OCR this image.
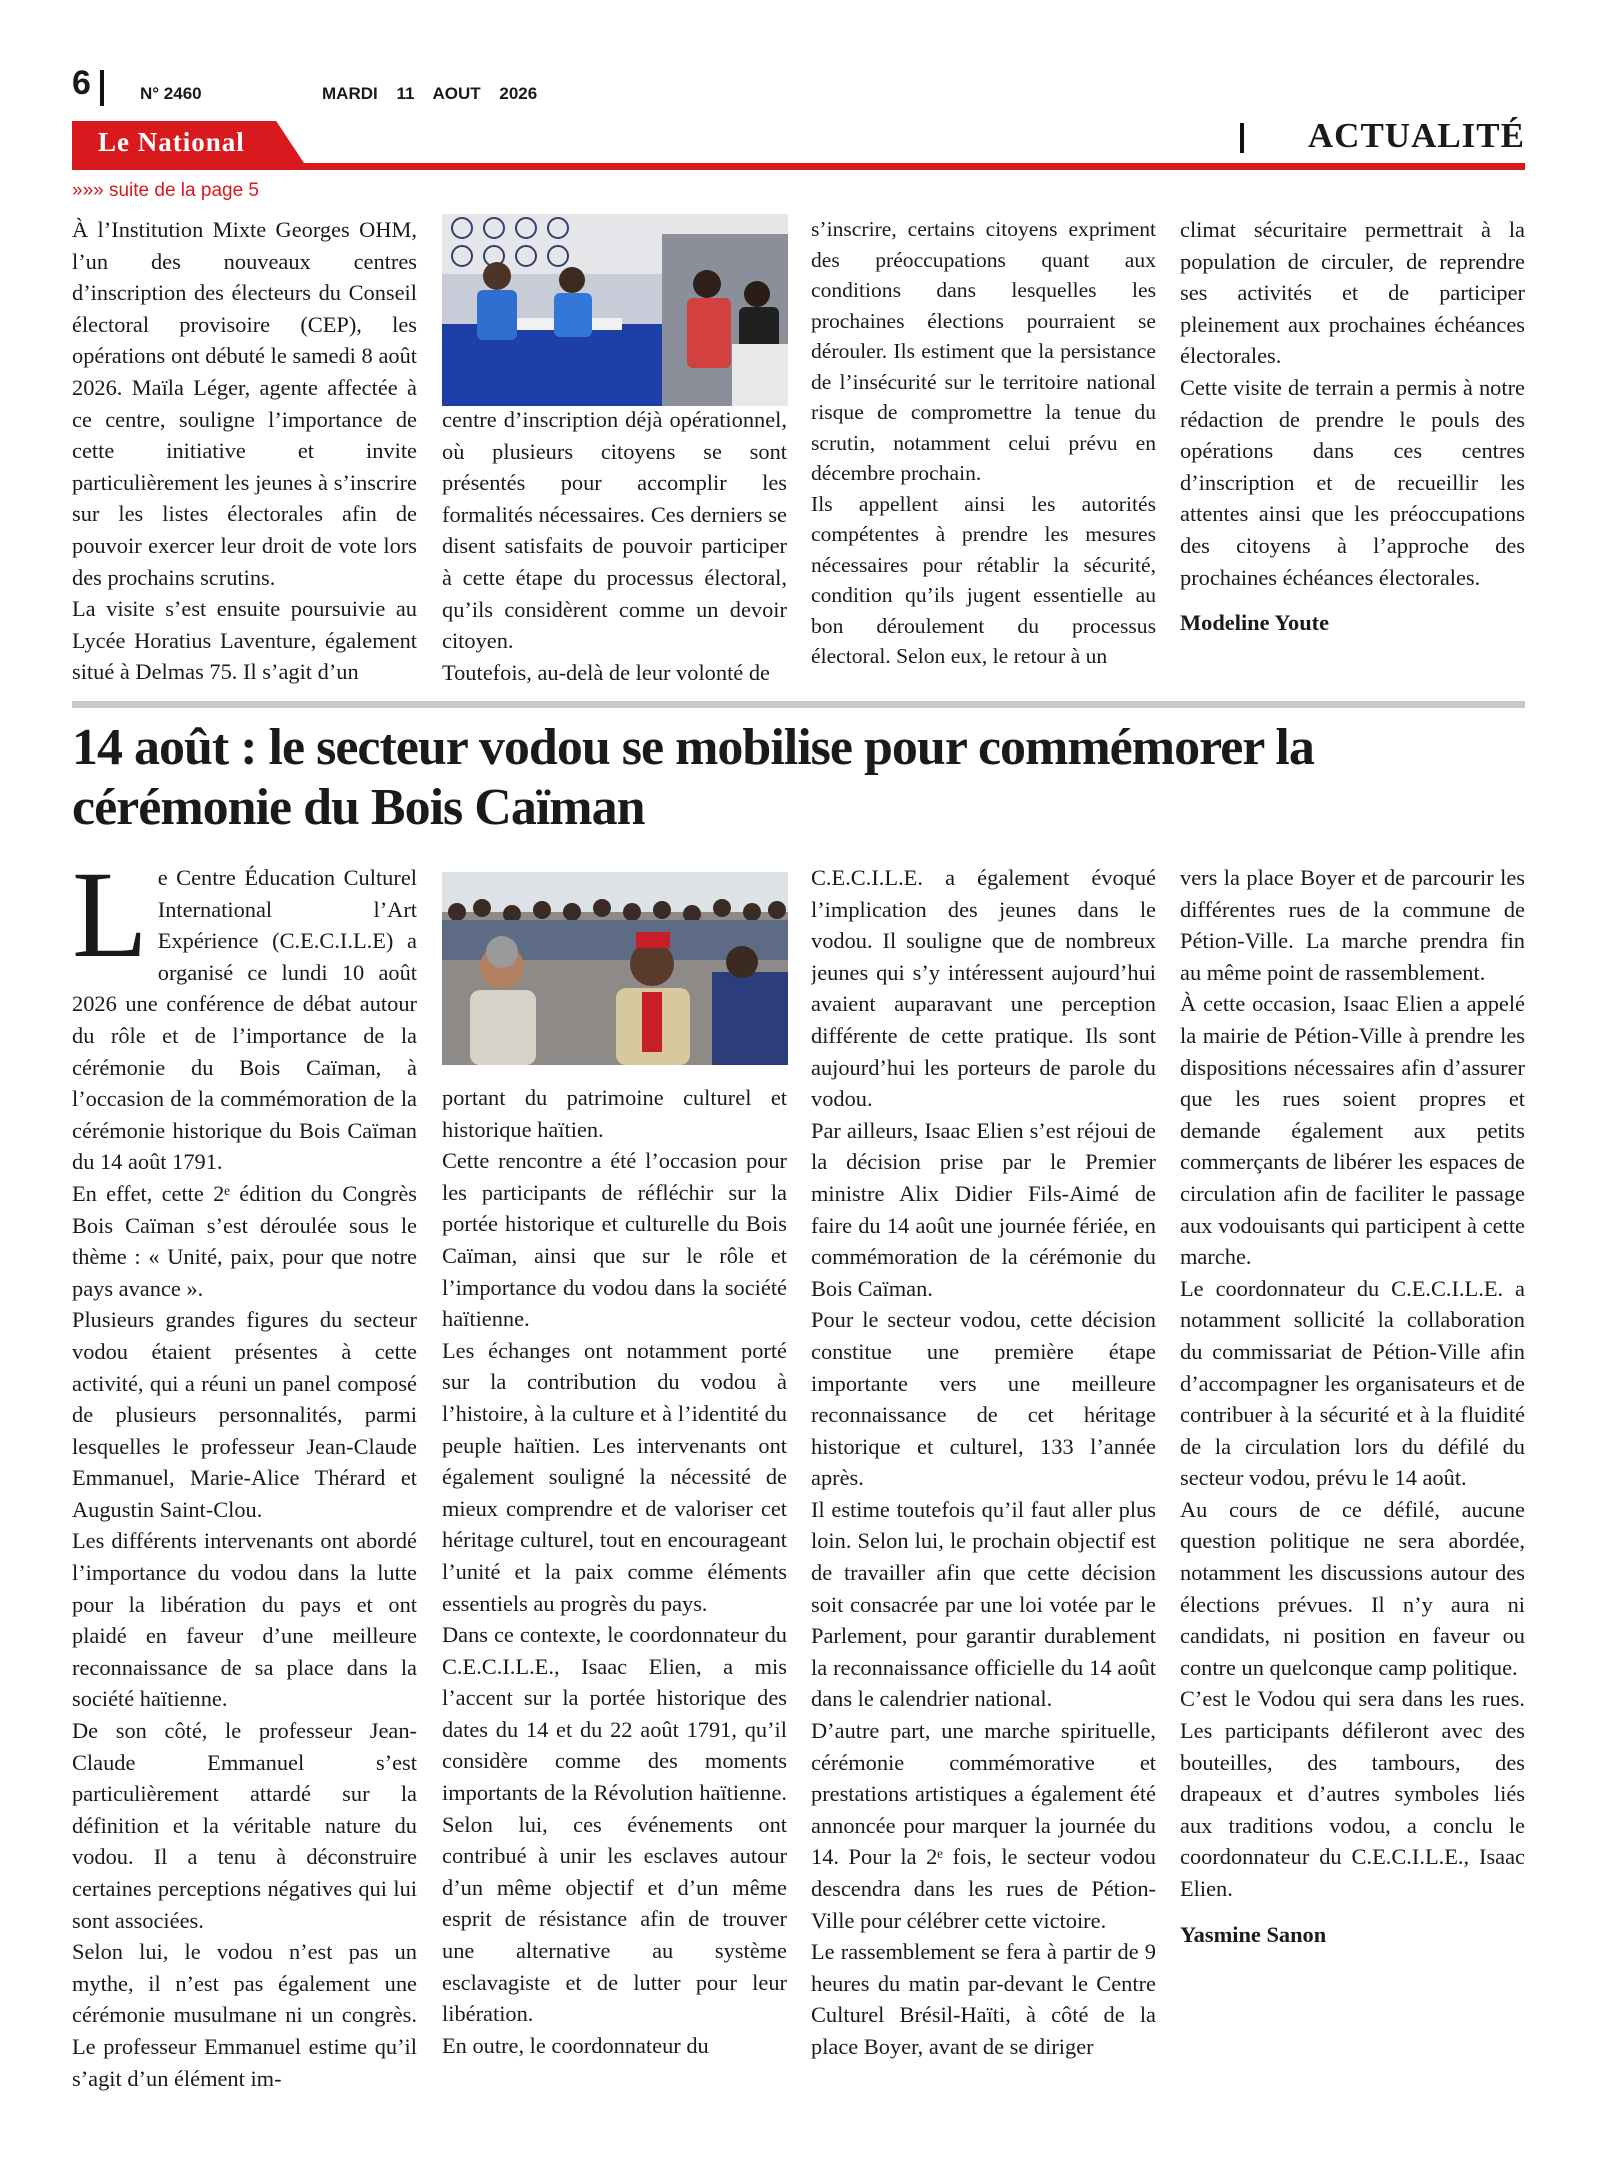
6	N° 2460	MARDI 11 AOUT 2026
Le National	ACTUALITÉ
»»» suite de la page 5

À l’Institution Mixte Georges OHM, l’un des nouveaux centres d’inscription des électeurs du Conseil électoral provisoire (CEP), les opérations ont débuté le samedi 8 août 2026. Maïla Léger, agente affectée à ce centre, souligne l’importance de cette initiative et invite particulièrement les jeunes à s’inscrire sur les listes électorales afin de pouvoir exercer leur droit de vote lors des prochains scrutins.

La visite s’est ensuite poursuivie au Lycée Horatius Laventure, également situé à Delmas 75. Il s’agit d’un

centre d’inscription déjà opérationnel, où plusieurs citoyens se sont présentés pour accomplir les formalités nécessaires. Ces derniers se disent satisfaits de pouvoir participer à cette étape du processus électoral, qu’ils considèrent comme un devoir citoyen.

Toutefois, au-delà de leur volonté de

s’inscrire, certains citoyens expriment des préoccupations quant aux conditions dans lesquelles les prochaines élections pourraient se dérouler. Ils estiment que la persistance de l’insécurité sur le territoire national risque de compromettre la tenue du scrutin, notamment celui prévu en décembre prochain.

Ils appellent ainsi les autorités compétentes à prendre les mesures nécessaires pour rétablir la sécurité, condition qu’ils jugent essentielle au bon déroulement du processus électoral. Selon eux, le retour à un

climat sécuritaire permettrait à la population de circuler, de reprendre ses activités et de participer pleinement aux prochaines échéances électorales.

Cette visite de terrain a permis à notre rédaction de prendre le pouls des opérations dans ces centres d’inscription et de recueillir les attentes ainsi que les préoccupations des citoyens à l’approche des prochaines échéances électorales.

Modeline Youte

14 août : le secteur vodou se mobilise pour commémorer la cérémonie du Bois Caïman

Le Centre Éducation Culturel International l’Art Expérience (C.E.C.I.L.E) a organisé ce lundi 10 août 2026 une conférence de débat autour du rôle et de l’importance de la cérémonie du Bois Caïman, à l’occasion de la commémoration de la cérémonie historique du Bois Caïman du 14 août 1791.

En effet, cette 2ᵉ édition du Congrès Bois Caïman s’est déroulée sous le thème : « Unité, paix, pour que notre pays avance ».

Plusieurs grandes figures du secteur vodou étaient présentes à cette activité, qui a réuni un panel composé de plusieurs personnalités, parmi lesquelles le professeur Jean-Claude Emmanuel, Marie-Alice Thérard et Augustin Saint-Clou.

Les différents intervenants ont abordé l’importance du vodou dans la lutte pour la libération du pays et ont plaidé en faveur d’une meilleure reconnaissance de sa place dans la société haïtienne.

De son côté, le professeur Jean-Claude Emmanuel s’est particulièrement attardé sur la définition et la véritable nature du vodou. Il a tenu à déconstruire certaines perceptions négatives qui lui sont associées.

Selon lui, le vodou n’est pas un mythe, il n’est pas également une cérémonie musulmane ni un congrès. Le professeur Emmanuel estime qu’il s’agit d’un élément im-

portant du patrimoine culturel et historique haïtien.

Cette rencontre a été l’occasion pour les participants de réfléchir sur la portée historique et culturelle du Bois Caïman, ainsi que sur le rôle et l’importance du vodou dans la société haïtienne.

Les échanges ont notamment porté sur la contribution du vodou à l’histoire, à la culture et à l’identité du peuple haïtien. Les intervenants ont également souligné la nécessité de mieux comprendre et de valoriser cet héritage culturel, tout en encourageant l’unité et la paix comme éléments essentiels au progrès du pays.

Dans ce contexte, le coordonnateur du C.E.C.I.L.E., Isaac Elien, a mis l’accent sur la portée historique des dates du 14 et du 22 août 1791, qu’il considère comme des moments importants de la Révolution haïtienne. Selon lui, ces événements ont contribué à unir les esclaves autour d’un même objectif et d’un même esprit de résistance afin de trouver une alternative au système esclavagiste et de lutter pour leur libération.

En outre, le coordonnateur du

C.E.C.I.L.E. a également évoqué l’implication des jeunes dans le vodou. Il souligne que de nombreux jeunes qui s’y intéressent aujourd’hui avaient auparavant une perception différente de cette pratique. Ils sont aujourd’hui les porteurs de parole du vodou.

Par ailleurs, Isaac Elien s’est réjoui de la décision prise par le Premier ministre Alix Didier Fils-Aimé de faire du 14 août une journée fériée, en commémoration de la cérémonie du Bois Caïman.

Pour le secteur vodou, cette décision constitue une première étape importante vers une meilleure reconnaissance de cet héritage historique et culturel, 133 l’année après.

Il estime toutefois qu’il faut aller plus loin. Selon lui, le prochain objectif est de travailler afin que cette décision soit consacrée par une loi votée par le Parlement, pour garantir durablement la reconnaissance officielle du 14 août dans le calendrier national.

D’autre part, une marche spirituelle, cérémonie commémorative et prestations artistiques a également été annoncée pour marquer la journée du 14. Pour la 2ᵉ fois, le secteur vodou descendra dans les rues de Pétion-Ville pour célébrer cette victoire.

Le rassemblement se fera à partir de 9 heures du matin par-devant le Centre Culturel Brésil-Haïti, à côté de la place Boyer, avant de se diriger

vers la place Boyer et de parcourir les différentes rues de la commune de Pétion-Ville. La marche prendra fin au même point de rassemblement.

À cette occasion, Isaac Elien a appelé la mairie de Pétion-Ville à prendre les dispositions nécessaires afin d’assurer que les rues soient propres et demande également aux petits commerçants de libérer les espaces de circulation afin de faciliter le passage aux vodouisants qui participent à cette marche.

Le coordonnateur du C.E.C.I.L.E. a notamment sollicité la collaboration du commissariat de Pétion-Ville afin d’accompagner les organisateurs et de contribuer à la sécurité et à la fluidité de la circulation lors du défilé du secteur vodou, prévu le 14 août.

Au cours de ce défilé, aucune question politique ne sera abordée, notamment les discussions autour des élections prévues. Il n’y aura ni candidats, ni position en faveur ou contre un quelconque camp politique.

C’est le Vodou qui sera dans les rues. Les participants défileront avec des bouteilles, des tambours, des drapeaux et d’autres symboles liés aux traditions vodou, a conclu le coordonnateur du C.E.C.I.L.E., Isaac Elien.

Yasmine Sanon
